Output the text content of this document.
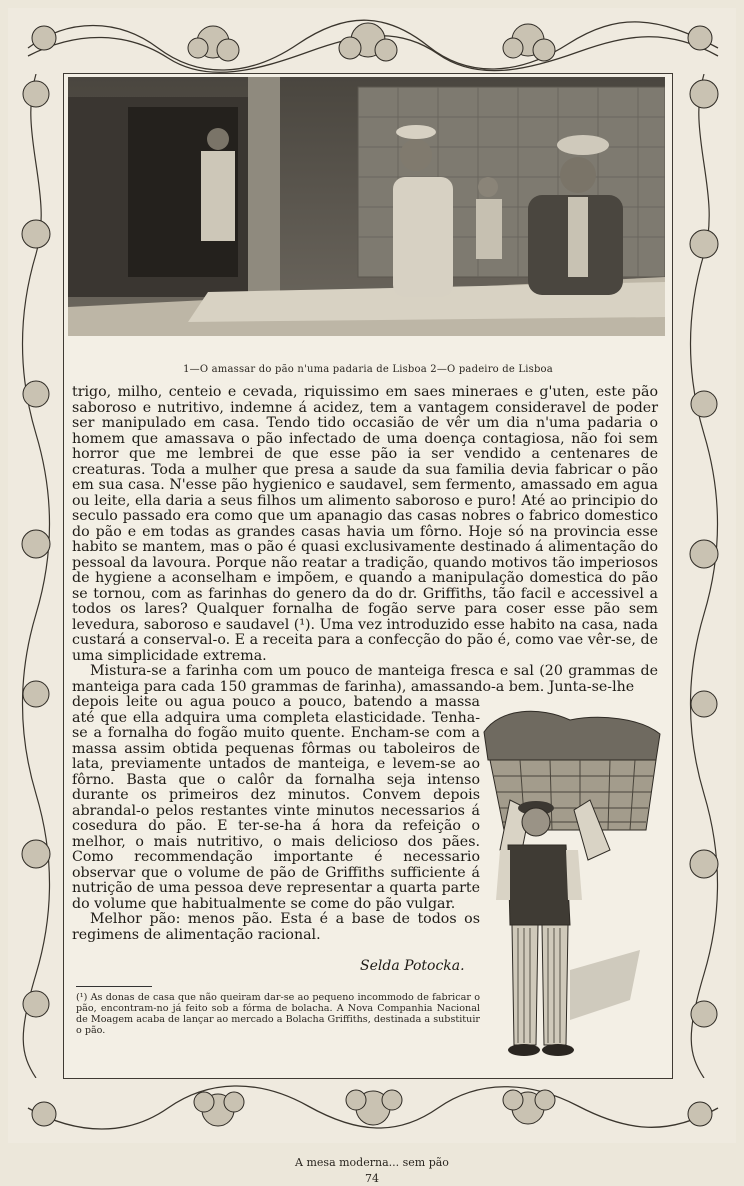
1—O amassar do pão n'uma padaria de Lisboa 2—O padeiro de Lisboa

trigo, milho, centeio e cevada, riquissimo em saes mineraes e g'uten, este pão saboroso e nutritivo, indemne á acidez, tem a vantagem consideravel de poder ser manipulado em casa. Tendo tido occasião de vêr um dia n'uma padaria o homem que amassava o pão infectado de uma doença contagiosa, não foi sem horror que me lembrei de que esse pão ia ser vendido a centenares de creaturas. Toda a mulher que presa a saude da sua familia devia fabricar o pão em sua casa. N'esse pão hygienico e saudavel, sem fermento, amassado em agua ou leite, ella daria a seus filhos um alimento saboroso e puro! Até ao principio do seculo passado era como que um apanagio das casas nobres o fabrico domestico do pão e em todas as grandes casas havia um fôrno. Hoje só na provincia esse habito se mantem, mas o pão é quasi exclusivamente destinado á alimentação do pessoal da lavoura. Porque não reatar a tradição, quando motivos tão imperiosos de hygiene a aconselham e impõem, e quando a manipulação domestica do pão se tornou, com as farinhas do genero da do dr. Griffiths, tão facil e accessivel a todos os lares? Qualquer fornalha de fogão serve para coser esse pão sem levedura, saboroso e saudavel (¹). Uma vez introduzido esse habito na casa, nada custará a conserval-o. E a receita para a confecção do pão é, como vae vêr-se, de uma simplicidade extrema.

Mistura-se a farinha com um pouco de manteiga fresca e sal (20 grammas de manteiga para cada 150 grammas de farinha), amassando-a bem. Junta-se-lhe

depois leite ou agua pouco a pouco, batendo a massa até que ella adquira uma completa elasticidade. Tenha-se a fornalha do fogão muito quente. Encham-se com a massa assim obtida pequenas fôrmas ou taboleiros de lata, previamente untados de manteiga, e levem-se ao fôrno. Basta que o calôr da fornalha seja intenso durante os primeiros dez minutos. Convem depois abrandal-o pelos restantes vinte minutos necessarios á cosedura do pão. E ter-se-ha á hora da refeição o melhor, o mais nutritivo, o mais delicioso dos pães. Como recommendação importante é necessario observar que o volume de pão de Griffiths sufficiente á nutrição de uma pessoa deve representar a quarta parte do volume que habitualmente se come do pão vulgar.

Melhor pão: menos pão. Esta é a base de todos os regimens de alimentação racional.

Selda Potocka.
(¹) As donas de casa que não queiram dar-se ao pequeno incommodo de fabricar o pão, encontram-no já feito sob a fórma de bolacha. A Nova Companhia Nacional de Moagem acaba de lançar ao mercado a Bolacha Griffiths, destinada a substituir o pão.
A mesa moderna... sem pão
74
